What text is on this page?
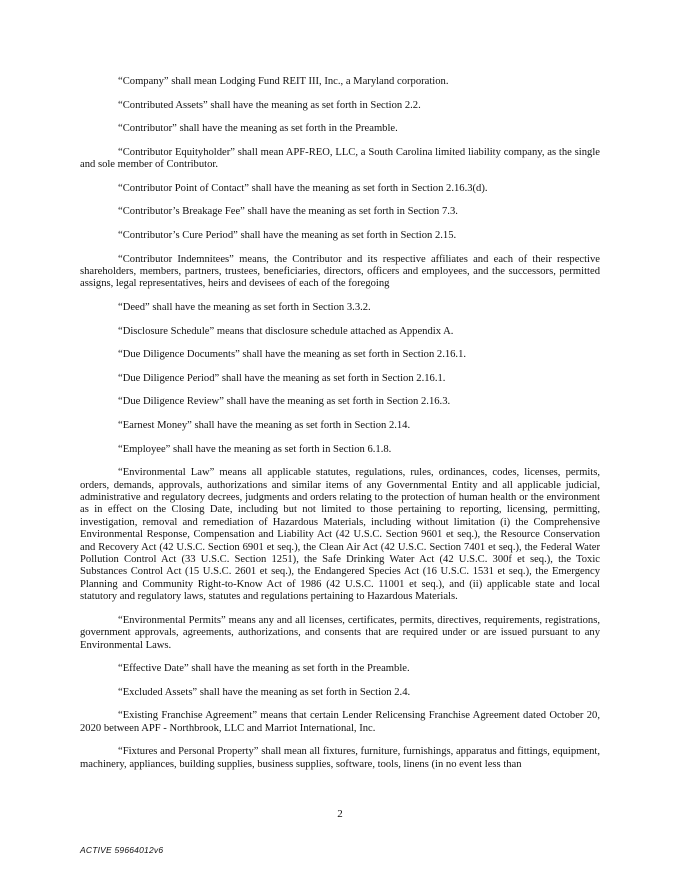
“Company” shall mean Lodging Fund REIT III, Inc., a Maryland corporation.

“Contributed Assets” shall have the meaning as set forth in Section 2.2.

“Contributor” shall have the meaning as set forth in the Preamble.

“Contributor Equityholder” shall mean APF-REO, LLC, a South Carolina limited liability company, as the single and sole member of Contributor.

“Contributor Point of Contact” shall have the meaning as set forth in Section 2.16.3(d).

“Contributor’s Breakage Fee” shall have the meaning as set forth in Section 7.3.

“Contributor’s Cure Period” shall have the meaning as set forth in Section 2.15.

“Contributor Indemnitees” means, the Contributor and its respective affiliates and each of their respective shareholders, members, partners, trustees, beneficiaries, directors, officers and employees, and the successors, permitted assigns, legal representatives, heirs and devisees of each of the foregoing

“Deed” shall have the meaning as set forth in Section 3.3.2.

“Disclosure Schedule” means that disclosure schedule attached as Appendix A.

“Due Diligence Documents” shall have the meaning as set forth in Section 2.16.1.

“Due Diligence Period” shall have the meaning as set forth in Section 2.16.1.

“Due Diligence Review” shall have the meaning as set forth in Section 2.16.3.

“Earnest Money” shall have the meaning as set forth in Section 2.14.

“Employee” shall have the meaning as set forth in Section 6.1.8.

“Environmental Law” means all applicable statutes, regulations, rules, ordinances, codes, licenses, permits, orders, demands, approvals, authorizations and similar items of any Governmental Entity and all applicable judicial, administrative and regulatory decrees, judgments and orders relating to the protection of human health or the environment as in effect on the Closing Date, including but not limited to those pertaining to reporting, licensing, permitting, investigation, removal and remediation of Hazardous Materials, including without limitation (i) the Comprehensive Environmental Response, Compensation and Liability Act (42 U.S.C. Section 9601 et seq.), the Resource Conservation and Recovery Act (42 U.S.C. Section 6901 et seq.), the Clean Air Act (42 U.S.C. Section 7401 et seq.), the Federal Water Pollution Control Act (33 U.S.C. Section 1251), the Safe Drinking Water Act (42 U.S.C. 300f et seq.), the Toxic Substances Control Act (15 U.S.C. 2601 et seq.), the Endangered Species Act (16 U.S.C. 1531 et seq.), the Emergency Planning and Community Right-to-Know Act of 1986 (42 U.S.C. 11001 et seq.), and (ii) applicable state and local statutory and regulatory laws, statutes and regulations pertaining to Hazardous Materials.

“Environmental Permits” means any and all licenses, certificates, permits, directives, requirements, registrations, government approvals, agreements, authorizations, and consents that are required under or are issued pursuant to any Environmental Laws.

“Effective Date” shall have the meaning as set forth in the Preamble.

“Excluded Assets” shall have the meaning as set forth in Section 2.4.

“Existing Franchise Agreement” means that certain Lender Relicensing Franchise Agreement dated October 20, 2020 between APF - Northbrook, LLC and Marriot International, Inc.

“Fixtures and Personal Property” shall mean all fixtures, furniture, furnishings, apparatus and fittings, equipment, machinery, appliances, building supplies, business supplies, software, tools, linens (in no event less than

2
ACTIVE 59664012v6
